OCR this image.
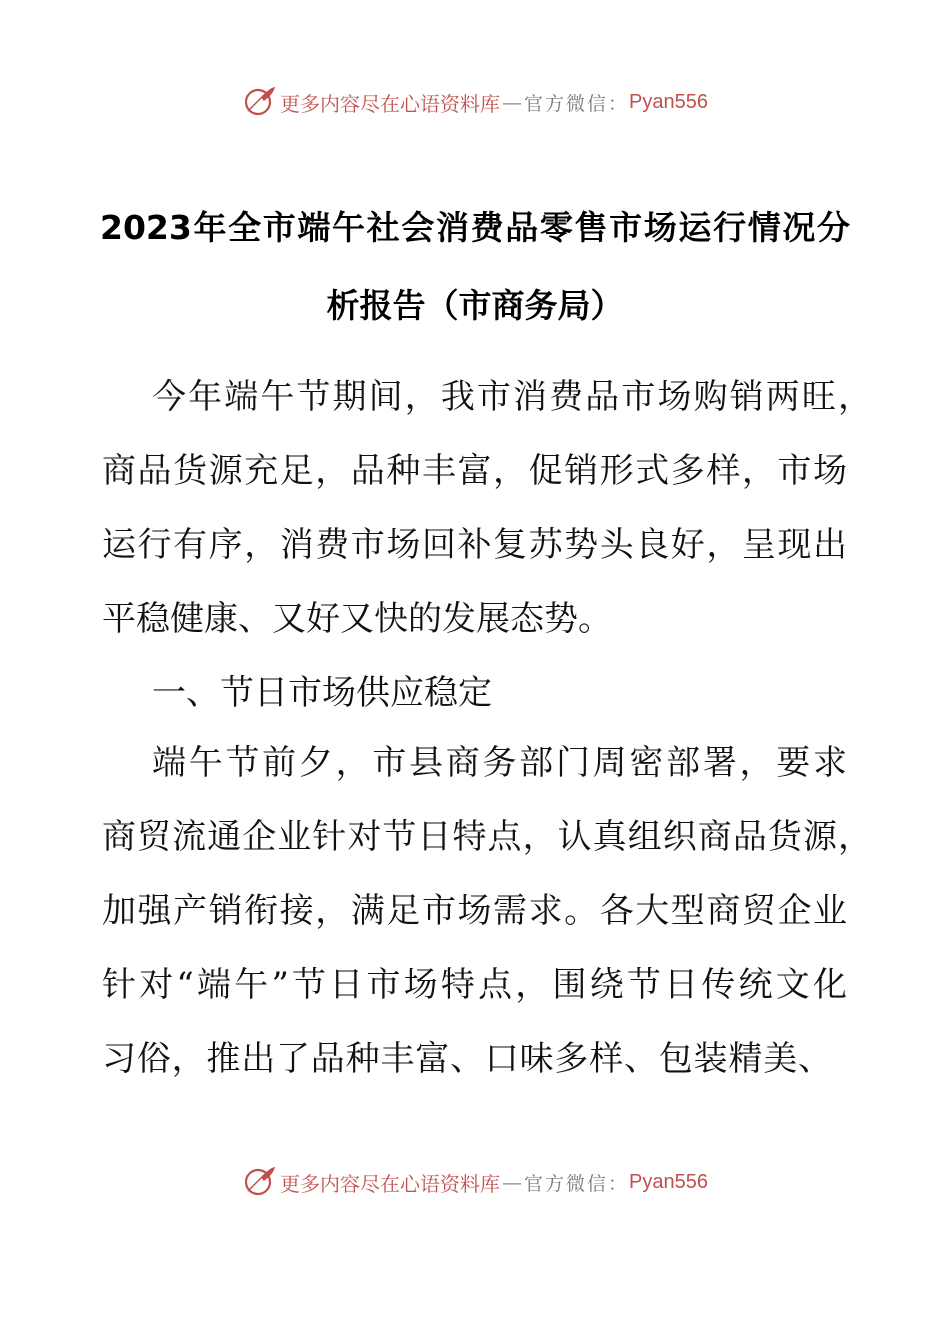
更多内容尽在心语资料库 — 官方微信： Pyan556
2023年全市端午社会消费品零售市场运行情况分
析报告（市商务局）
今年端午节期间，我市消费品市场购销两旺，
商品货源充足，品种丰富，促销形式多样，市场
运行有序，消费市场回补复苏势头良好，呈现出
平稳健康、又好又快的发展态势。
一、节日市场供应稳定
端午节前夕，市县商务部门周密部署，要求
商贸流通企业针对节日特点，认真组织商品货源，
加强产销衔接，满足市场需求。各大型商贸企业
针对“端午”节日市场特点，围绕节日传统文化
习俗，推出了品种丰富、口味多样、包装精美、
更多内容尽在心语资料库 — 官方微信： Pyan556
